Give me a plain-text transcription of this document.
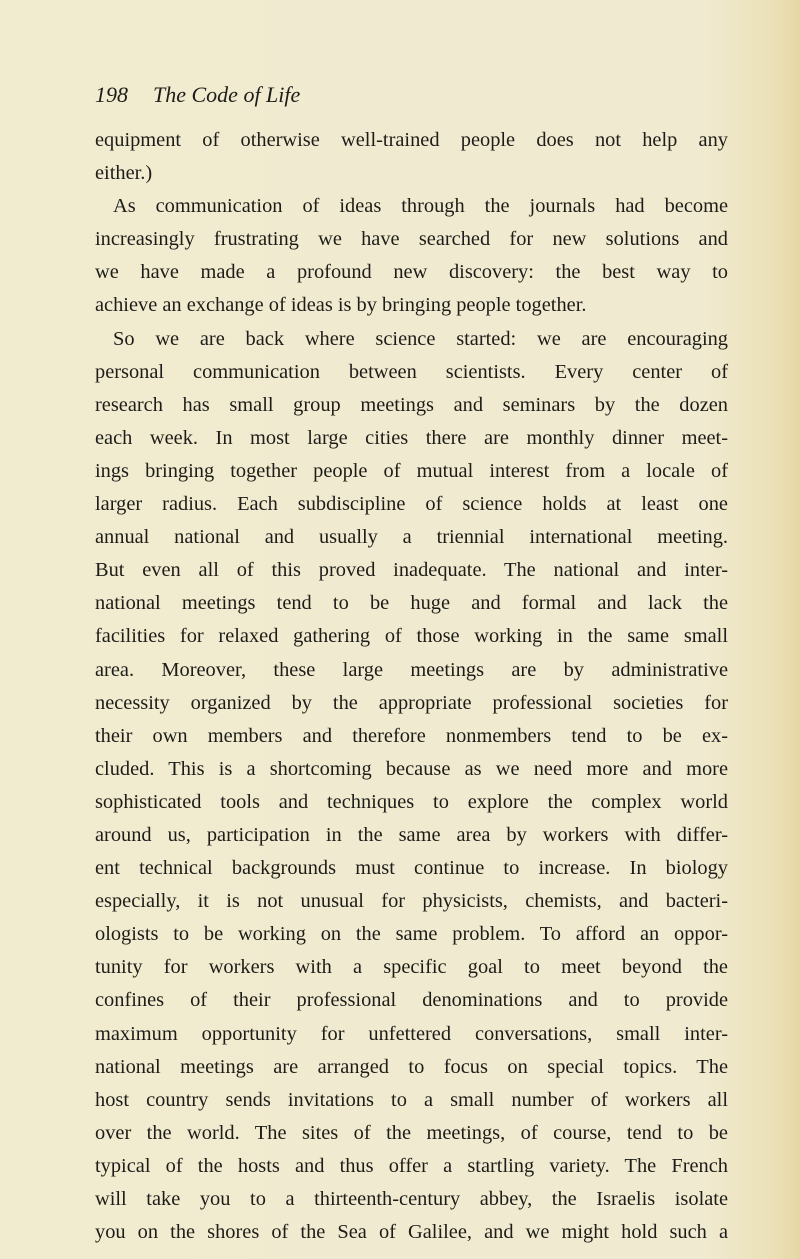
198 The Code of Life
equipment of otherwise well-trained people does not help any
either.)
As communication of ideas through the journals had become
increasingly frustrating we have searched for new solutions and
we have made a profound new discovery: the best way to
achieve an exchange of ideas is by bringing people together.
So we are back where science started: we are encouraging
personal communication between scientists. Every center of
research has small group meetings and seminars by the dozen
each week. In most large cities there are monthly dinner meet-
ings bringing together people of mutual interest from a locale of
larger radius. Each subdiscipline of science holds at least one
annual national and usually a triennial international meeting.
But even all of this proved inadequate. The national and inter-
national meetings tend to be huge and formal and lack the
facilities for relaxed gathering of those working in the same small
area. Moreover, these large meetings are by administrative
necessity organized by the appropriate professional societies for
their own members and therefore nonmembers tend to be ex-
cluded. This is a shortcoming because as we need more and more
sophisticated tools and techniques to explore the complex world
around us, participation in the same area by workers with differ-
ent technical backgrounds must continue to increase. In biology
especially, it is not unusual for physicists, chemists, and bacteri-
ologists to be working on the same problem. To afford an oppor-
tunity for workers with a specific goal to meet beyond the
confines of their professional denominations and to provide
maximum opportunity for unfettered conversations, small inter-
national meetings are arranged to focus on special topics. The
host country sends invitations to a small number of workers all
over the world. The sites of the meetings, of course, tend to be
typical of the hosts and thus offer a startling variety. The French
will take you to a thirteenth-century abbey, the Israelis isolate
you on the shores of the Sea of Galilee, and we might hold such a
